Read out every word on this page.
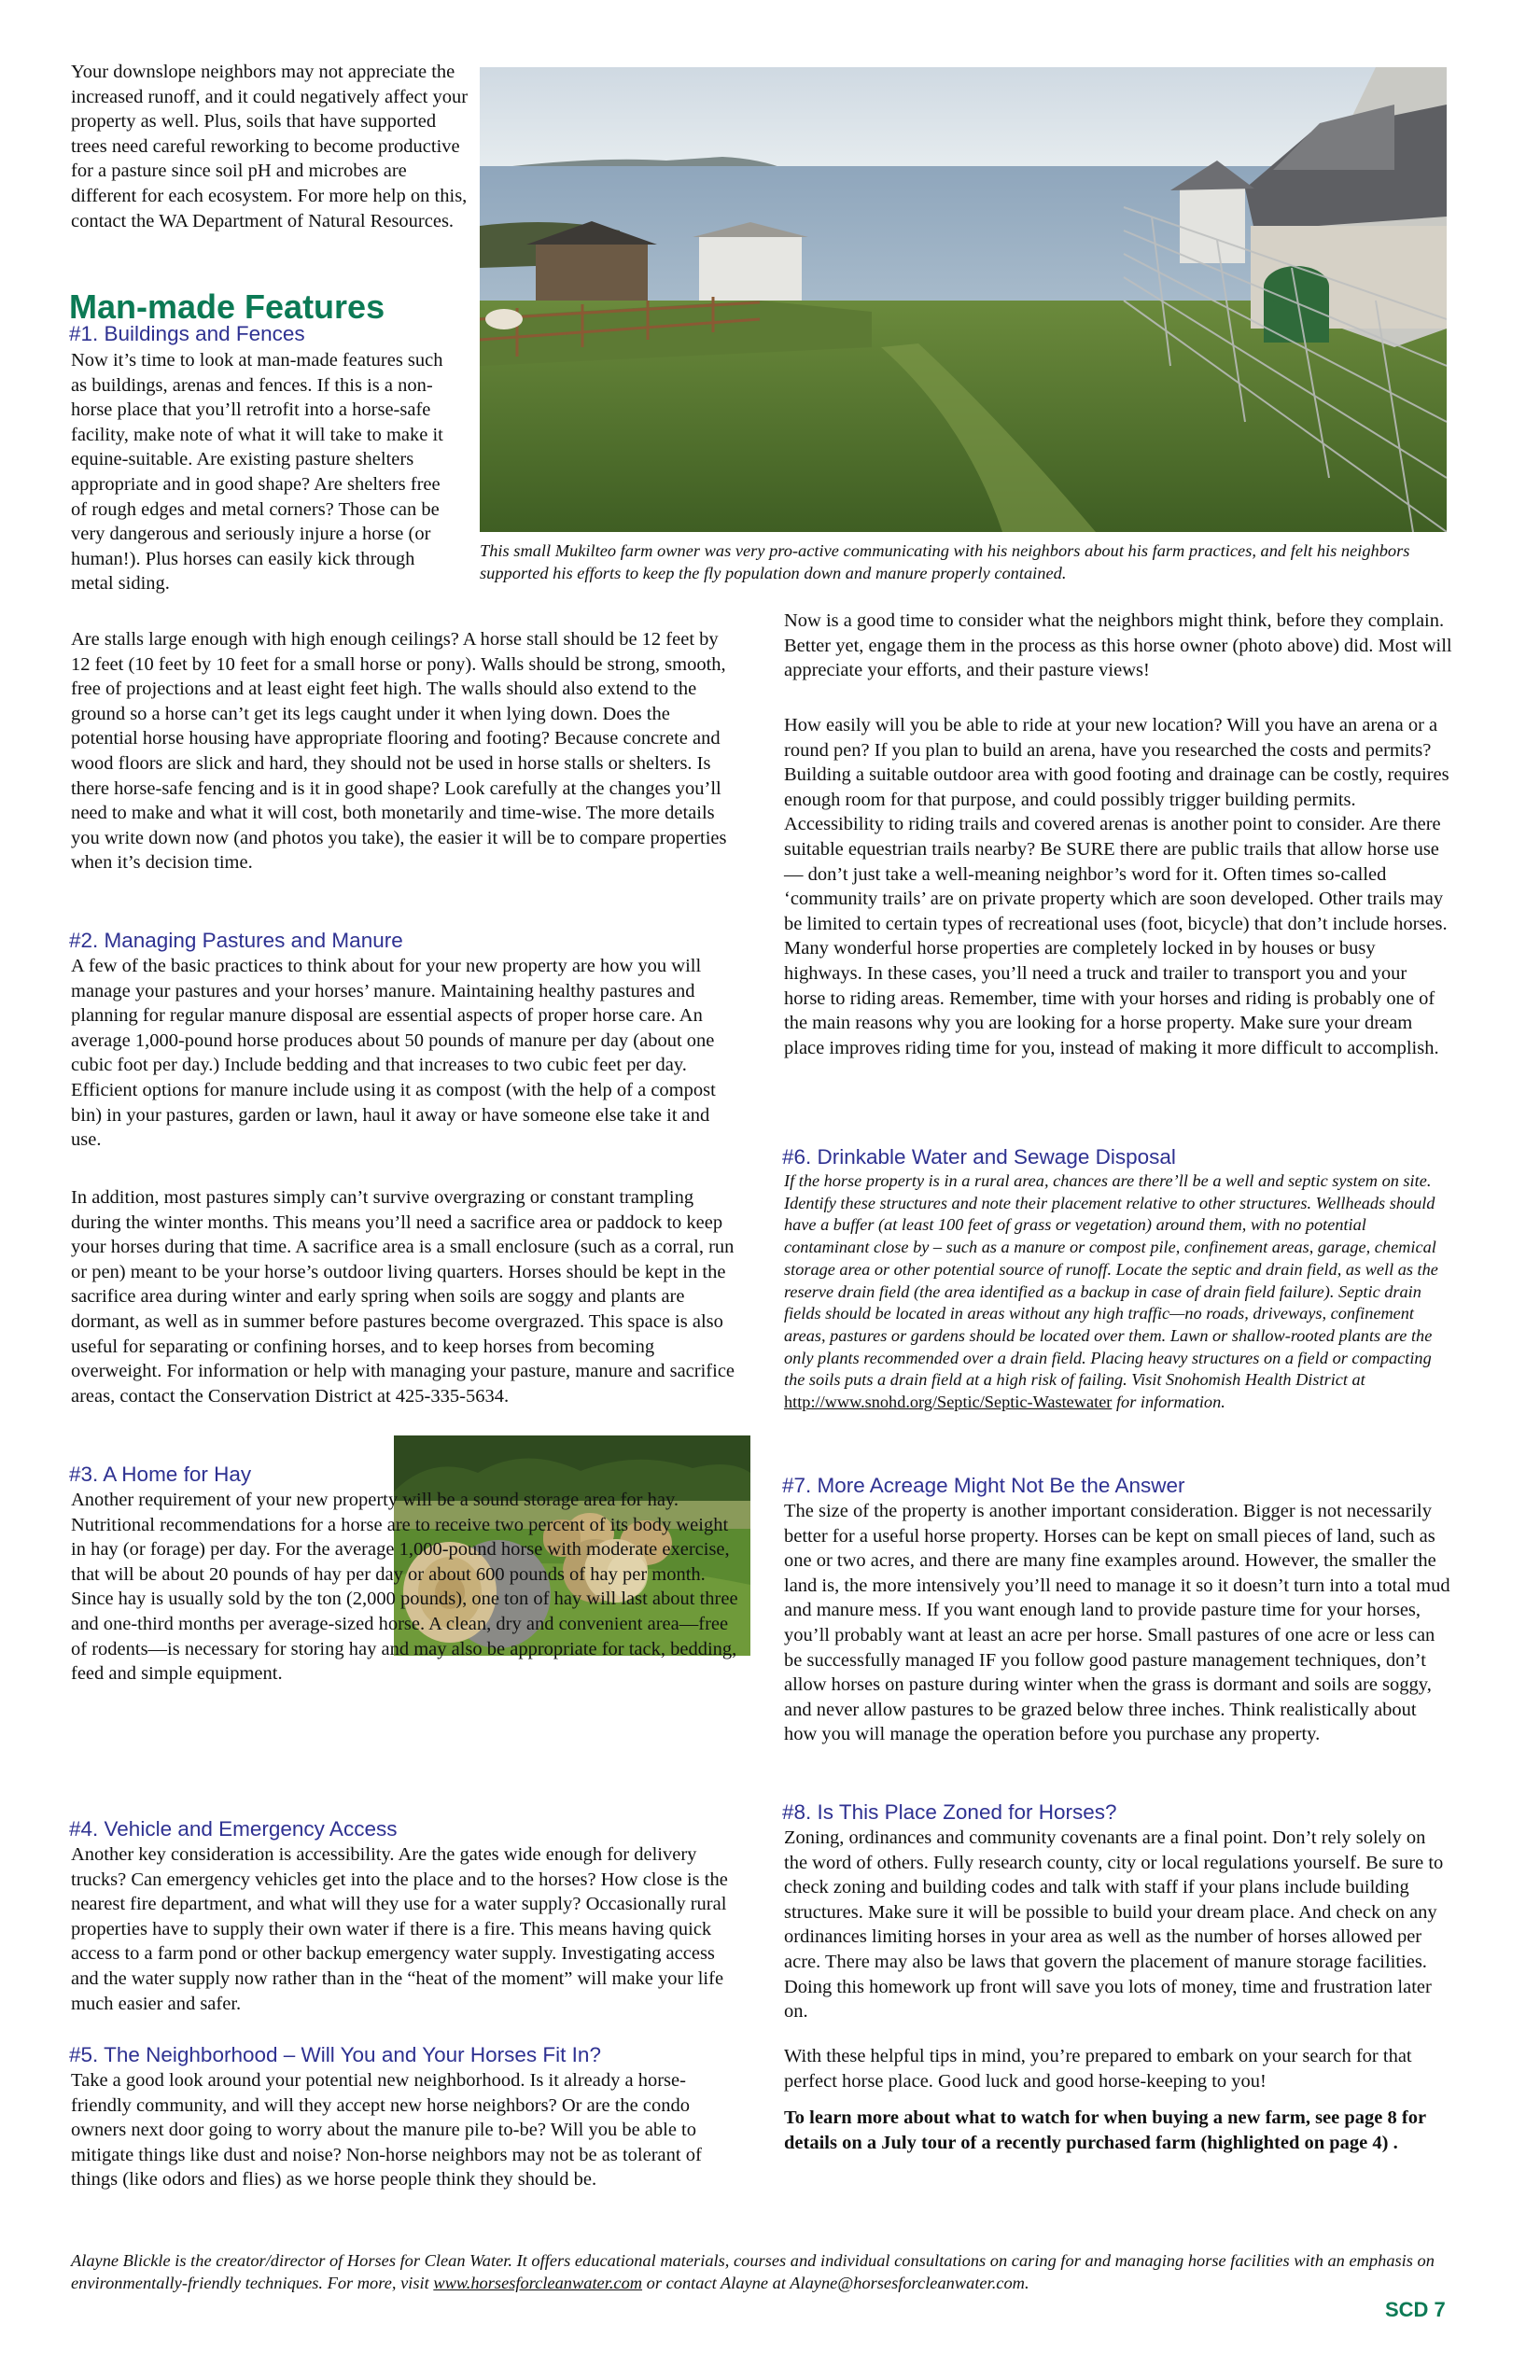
Your downslope neighbors may not appreciate the increased runoff, and it could negatively affect your property as well. Plus, soils that have supported trees need careful reworking to become productive for a pasture since soil pH and microbes are different for each ecosystem. For more help on this, contact the WA Department of Natural Resources.

Man-made Features
#1. Buildings and Fences

Now it’s time to look at man-made features such as buildings, arenas and fences. If this is a non-horse place that you’ll retrofit into a horse-safe facility, make note of what it will take to make it equine-suitable. Are existing pasture shelters appropriate and in good shape? Are shelters free of rough edges and metal corners? Those can be very dangerous and seriously injure a horse (or human!). Plus horses can easily kick through metal siding.

This small Mukilteo farm owner was very pro-active communicating with his neighbors about his farm practices, and felt his neighbors supported his efforts to keep the fly population down and manure properly contained.

Are stalls large enough with high enough ceilings? A horse stall should be 12 feet by 12 feet (10 feet by 10 feet for a small horse or pony). Walls should be strong, smooth, free of projections and at least eight feet high. The walls should also extend to the ground so a horse can’t get its legs caught under it when lying down. Does the potential horse housing have appropriate flooring and footing? Because concrete and wood floors are slick and hard, they should not be used in horse stalls or shelters. Is there horse-safe fencing and is it in good shape? Look carefully at the changes you’ll need to make and what it will cost, both monetarily and time-wise. The more details you write down now (and photos you take), the easier it will be to compare properties when it’s decision time.

#2. Managing Pastures and Manure

A few of the basic practices to think about for your new property are how you will manage your pastures and your horses’ manure. Maintaining healthy pastures and planning for regular manure disposal are essential aspects of proper horse care. An average 1,000-pound horse produces about 50 pounds of manure per day (about one cubic foot per day.) Include bedding and that increases to two cubic feet per day. Efficient options for manure include using it as compost (with the help of a compost bin) in your pastures, garden or lawn, haul it away or have someone else take it and use.

In addition, most pastures simply can’t survive overgrazing or constant trampling during the winter months. This means you’ll need a sacrifice area or paddock to keep your horses during that time. A sacrifice area is a small enclosure (such as a corral, run or pen) meant to be your horse’s outdoor living quarters. Horses should be kept in the sacrifice area during winter and early spring when soils are soggy and plants are dormant, as well as in summer before pastures become overgrazed. This space is also useful for separating or confining horses, and to keep horses from becoming overweight. For information or help with managing your pasture, manure and sacrifice areas, contact the Conservation District at 425-335-5634.

#3. A Home for Hay

Another requirement of your new property will be a sound storage area for hay. Nutritional recommendations for a horse are to receive two percent of its body weight in hay (or forage) per day. For the average 1,000-pound horse with moderate exercise, that will be about 20 pounds of hay per day or about 600 pounds of hay per month. Since hay is usually sold by the ton (2,000 pounds), one ton of hay will last about three and one-third months per average-sized horse. A clean, dry and convenient area—free of rodents—is necessary for storing hay and may also be appropriate for tack, bedding, feed and simple equipment.

#4. Vehicle and Emergency Access

Another key consideration is accessibility. Are the gates wide enough for delivery trucks? Can emergency vehicles get into the place and to the horses? How close is the nearest fire department, and what will they use for a water supply? Occasionally rural properties have to supply their own water if there is a fire. This means having quick access to a farm pond or other backup emergency water supply. Investigating access and the water supply now rather than in the “heat of the moment” will make your life much easier and safer.

#5. The Neighborhood – Will You and Your Horses Fit In?

Take a good look around your potential new neighborhood. Is it already a horse-friendly community, and will they accept new horse neighbors? Or are the condo owners next door going to worry about the manure pile to-be? Will you be able to mitigate things like dust and noise? Non-horse neighbors may not be as tolerant of things (like odors and flies) as we horse people think they should be.

Now is a good time to consider what the neighbors might think, before they complain. Better yet, engage them in the process as this horse owner (photo above) did. Most will appreciate your efforts, and their pasture views!

How easily will you be able to ride at your new location? Will you have an arena or a round pen? If you plan to build an arena, have you researched the costs and permits? Building a suitable outdoor area with good footing and drainage can be costly, requires enough room for that purpose, and could possibly trigger building permits. Accessibility to riding trails and covered arenas is another point to consider. Are there suitable equestrian trails nearby? Be SURE there are public trails that allow horse use — don’t just take a well-meaning neighbor’s word for it. Often times so-called ‘community trails’ are on private property which are soon developed. Other trails may be limited to certain types of recreational uses (foot, bicycle) that don’t include horses. Many wonderful horse properties are completely locked in by houses or busy highways. In these cases, you’ll need a truck and trailer to transport you and your horse to riding areas. Remember, time with your horses and riding is probably one of the main reasons why you are looking for a horse property. Make sure your dream place improves riding time for you, instead of making it more difficult to accomplish.

#6. Drinkable Water and Sewage Disposal

If the horse property is in a rural area, chances are there’ll be a well and septic system on site. Identify these structures and note their placement relative to other structures. Wellheads should have a buffer (at least 100 feet of grass or vegetation) around them, with no potential contaminant close by – such as a manure or compost pile, confinement areas, garage, chemical storage area or other potential source of runoff. Locate the septic and drain field, as well as the reserve drain field (the area identified as a backup in case of drain field failure). Septic drain fields should be located in areas without any high traffic—no roads, driveways, confinement areas, pastures or gardens should be located over them. Lawn or shallow-rooted plants are the only plants recommended over a drain field. Placing heavy structures on a field or compacting the soils puts a drain field at a high risk of failing. Visit Snohomish Health District at http://www.snohd.org/Septic/Septic-Wastewater for information.

#7. More Acreage Might Not Be the Answer

The size of the property is another important consideration. Bigger is not necessarily better for a useful horse property. Horses can be kept on small pieces of land, such as one or two acres, and there are many fine examples around. However, the smaller the land is, the more intensively you’ll need to manage it so it doesn’t turn into a total mud and manure mess. If you want enough land to provide pasture time for your horses, you’ll probably want at least an acre per horse. Small pastures of one acre or less can be successfully managed IF you follow good pasture management techniques, don’t allow horses on pasture during winter when the grass is dormant and soils are soggy, and never allow pastures to be grazed below three inches. Think realistically about how you will manage the operation before you purchase any property.

#8. Is This Place Zoned for Horses?

Zoning, ordinances and community covenants are a final point. Don’t rely solely on the word of others. Fully research county, city or local regulations yourself. Be sure to check zoning and building codes and talk with staff if your plans include building structures. Make sure it will be possible to build your dream place. And check on any ordinances limiting horses in your area as well as the number of horses allowed per acre. There may also be laws that govern the placement of manure storage facilities. Doing this homework up front will save you lots of money, time and frustration later on.

With these helpful tips in mind, you’re prepared to embark on your search for that perfect horse place. Good luck and good horse-keeping to you!

To learn more about what to watch for when buying a new farm, see page 8 for details on a July tour of a recently purchased farm (highlighted on page 4) .

Alayne Blickle is the creator/director of Horses for Clean Water. It offers educational materials, courses and individual consultations on caring for and managing horse facilities with an emphasis on environmentally-friendly techniques. For more, visit www.horsesforcleanwater.com or contact Alayne at Alayne@horsesforcleanwater.com.

SCD 7
